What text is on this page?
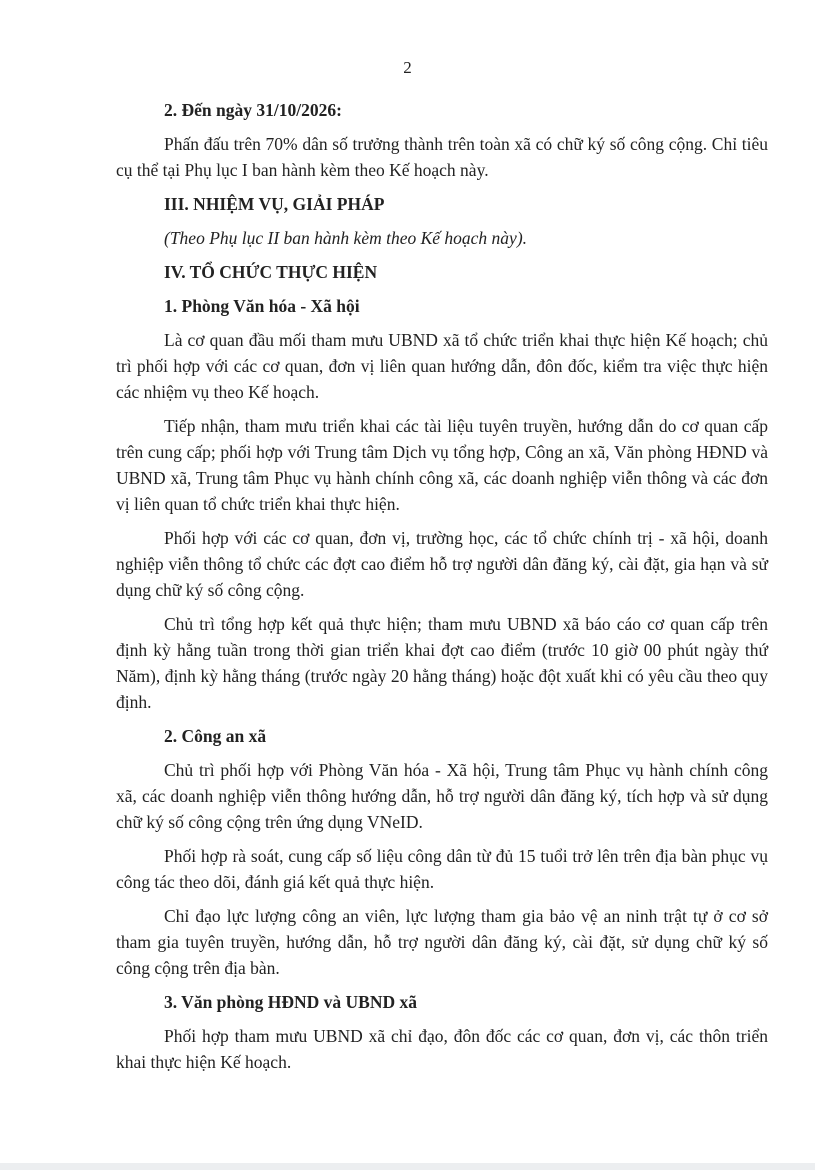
2
2. Đến ngày 31/10/2026:
Phấn đấu trên 70% dân số trưởng thành trên toàn xã có chữ ký số công cộng. Chỉ tiêu cụ thể tại Phụ lục I ban hành kèm theo Kế hoạch này.
III. NHIỆM VỤ, GIẢI PHÁP
(Theo Phụ lục II ban hành kèm theo Kế hoạch này).
IV. TỔ CHỨC THỰC HIỆN
1. Phòng Văn hóa - Xã hội
Là cơ quan đầu mối tham mưu UBND xã tổ chức triển khai thực hiện Kế hoạch; chủ trì phối hợp với các cơ quan, đơn vị liên quan hướng dẫn, đôn đốc, kiểm tra việc thực hiện các nhiệm vụ theo Kế hoạch.
Tiếp nhận, tham mưu triển khai các tài liệu tuyên truyền, hướng dẫn do cơ quan cấp trên cung cấp; phối hợp với Trung tâm Dịch vụ tổng hợp, Công an xã, Văn phòng HĐND và UBND xã, Trung tâm Phục vụ hành chính công xã, các doanh nghiệp viễn thông và các đơn vị liên quan tổ chức triển khai thực hiện.
Phối hợp với các cơ quan, đơn vị, trường học, các tổ chức chính trị - xã hội, doanh nghiệp viễn thông tổ chức các đợt cao điểm hỗ trợ người dân đăng ký, cài đặt, gia hạn và sử dụng chữ ký số công cộng.
Chủ trì tổng hợp kết quả thực hiện; tham mưu UBND xã báo cáo cơ quan cấp trên định kỳ hằng tuần trong thời gian triển khai đợt cao điểm (trước 10 giờ 00 phút ngày thứ Năm), định kỳ hằng tháng (trước ngày 20 hằng tháng) hoặc đột xuất khi có yêu cầu theo quy định.
2. Công an xã
Chủ trì phối hợp với Phòng Văn hóa - Xã hội, Trung tâm Phục vụ hành chính công xã, các doanh nghiệp viễn thông hướng dẫn, hỗ trợ người dân đăng ký, tích hợp và sử dụng chữ ký số công cộng trên ứng dụng VNeID.
Phối hợp rà soát, cung cấp số liệu công dân từ đủ 15 tuổi trở lên trên địa bàn phục vụ công tác theo dõi, đánh giá kết quả thực hiện.
Chỉ đạo lực lượng công an viên, lực lượng tham gia bảo vệ an ninh trật tự ở cơ sở tham gia tuyên truyền, hướng dẫn, hỗ trợ người dân đăng ký, cài đặt, sử dụng chữ ký số công cộng trên địa bàn.
3. Văn phòng HĐND và UBND xã
Phối hợp tham mưu UBND xã chỉ đạo, đôn đốc các cơ quan, đơn vị, các thôn triển khai thực hiện Kế hoạch.
